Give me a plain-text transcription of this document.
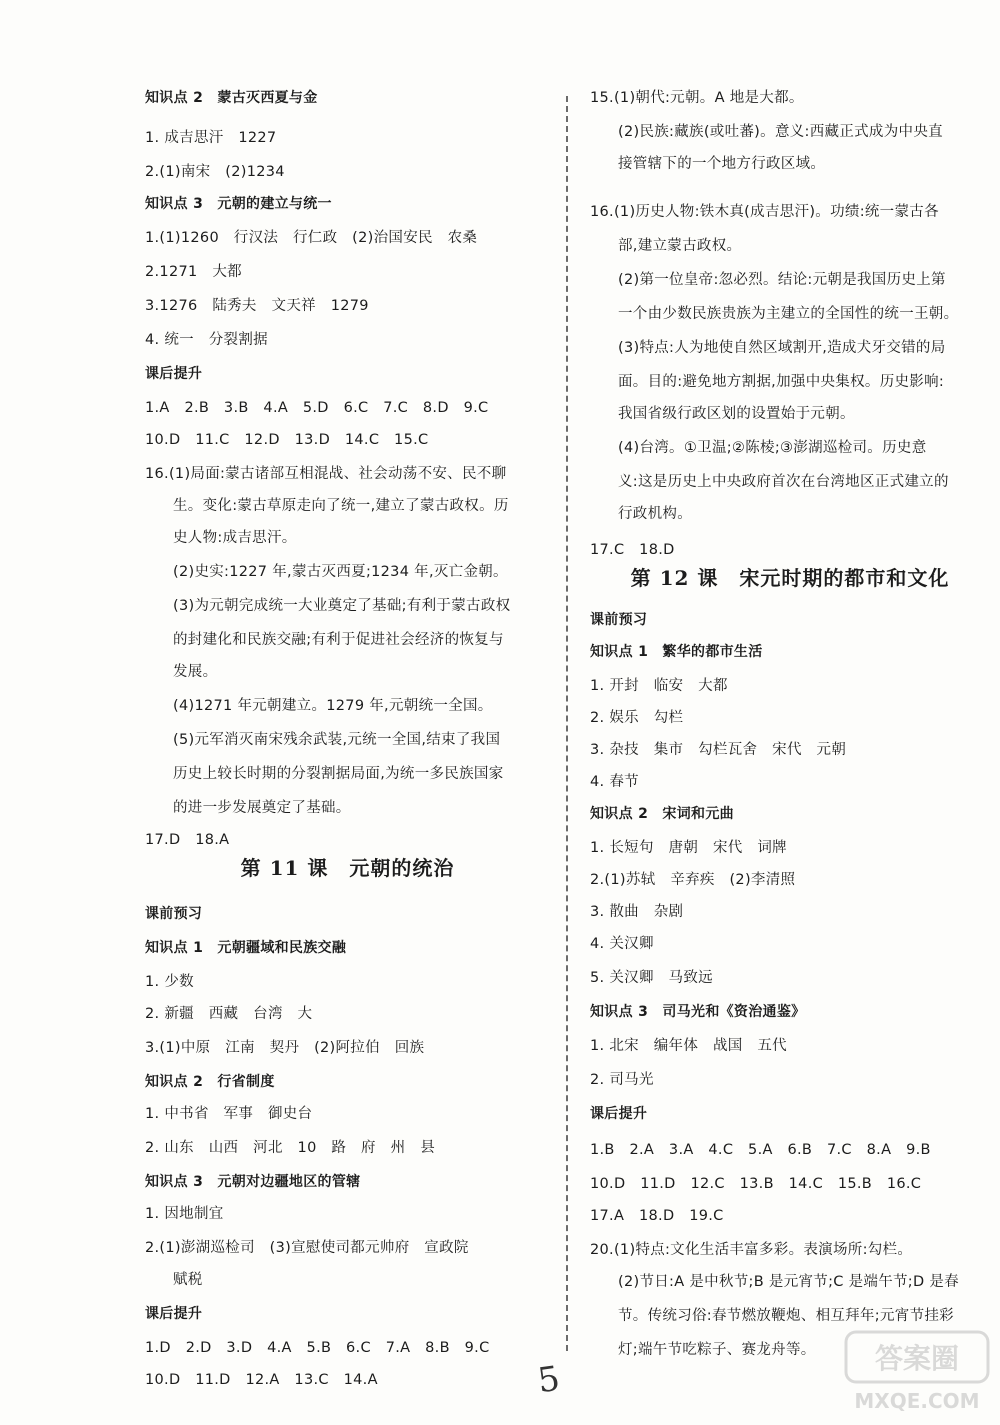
知识点 2　蒙古灭西夏与金
1. 成吉思汗　1227
2.(1)南宋　(2)1234
知识点 3　元朝的建立与统一
1.(1)1260　行汉法　行仁政　(2)治国安民　农桑
2.1271　大都
3.1276　陆秀夫　文天祥　1279
4. 统一　分裂割据
课后提升
1.A　2.B　3.B　4.A　5.D　6.C　7.C　8.D　9.C
10.D　11.C　12.D　13.D　14.C　15.C
16.(1)局面:蒙古诸部互相混战、社会动荡不安、民不聊
生。变化:蒙古草原走向了统一,建立了蒙古政权。历
史人物:成吉思汗。
(2)史实:1227 年,蒙古灭西夏;1234 年,灭亡金朝。
(3)为元朝完成统一大业奠定了基础;有利于蒙古政权
的封建化和民族交融;有利于促进社会经济的恢复与
发展。
(4)1271 年元朝建立。1279 年,元朝统一全国。
(5)元军消灭南宋残余武装,元统一全国,结束了我国
历史上较长时期的分裂割据局面,为统一多民族国家
的进一步发展奠定了基础。
17.D　18.A
第 11 课　元朝的统治
课前预习
知识点 1　元朝疆域和民族交融
1. 少数
2. 新疆　西藏　台湾　大
3.(1)中原　江南　契丹　(2)阿拉伯　回族
知识点 2　行省制度
1. 中书省　军事　御史台
2. 山东　山西　河北　10　路　府　州　县
知识点 3　元朝对边疆地区的管辖
1. 因地制宜
2.(1)澎湖巡检司　(3)宣慰使司都元帅府　宣政院
赋税
课后提升
1.D　2.D　3.D　4.A　5.B　6.C　7.A　8.B　9.C
10.D　11.D　12.A　13.C　14.A
15.(1)朝代:元朝。A 地是大都。
(2)民族:藏族(或吐蕃)。意义:西藏正式成为中央直
接管辖下的一个地方行政区域。
16.(1)历史人物:铁木真(成吉思汗)。功绩:统一蒙古各
部,建立蒙古政权。
(2)第一位皇帝:忽必烈。结论:元朝是我国历史上第
一个由少数民族贵族为主建立的全国性的统一王朝。
(3)特点:人为地使自然区域割开,造成犬牙交错的局
面。目的:避免地方割据,加强中央集权。历史影响:
我国省级行政区划的设置始于元朝。
(4)台湾。①卫温;②陈棱;③澎湖巡检司。历史意
义:这是历史上中央政府首次在台湾地区正式建立的
行政机构。
17.C　18.D
第 12 课　宋元时期的都市和文化
课前预习
知识点 1　繁华的都市生活
1. 开封　临安　大都
2. 娱乐　勾栏
3. 杂技　集市　勾栏瓦舍　宋代　元朝
4. 春节
知识点 2　宋词和元曲
1. 长短句　唐朝　宋代　词牌
2.(1)苏轼　辛弃疾　(2)李清照
3. 散曲　杂剧
4. 关汉卿
5. 关汉卿　马致远
知识点 3　司马光和《资治通鉴》
1. 北宋　编年体　战国　五代
2. 司马光
课后提升
1.B　2.A　3.A　4.C　5.A　6.B　7.C　8.A　9.B
10.D　11.D　12.C　13.B　14.C　15.B　16.C
17.A　18.D　19.C
20.(1)特点:文化生活丰富多彩。表演场所:勾栏。
(2)节日:A 是中秋节;B 是元宵节;C 是端午节;D 是春
节。传统习俗:春节燃放鞭炮、相互拜年;元宵节挂彩
灯;端午节吃粽子、赛龙舟等。
5
答案圈
MXQE.COM
